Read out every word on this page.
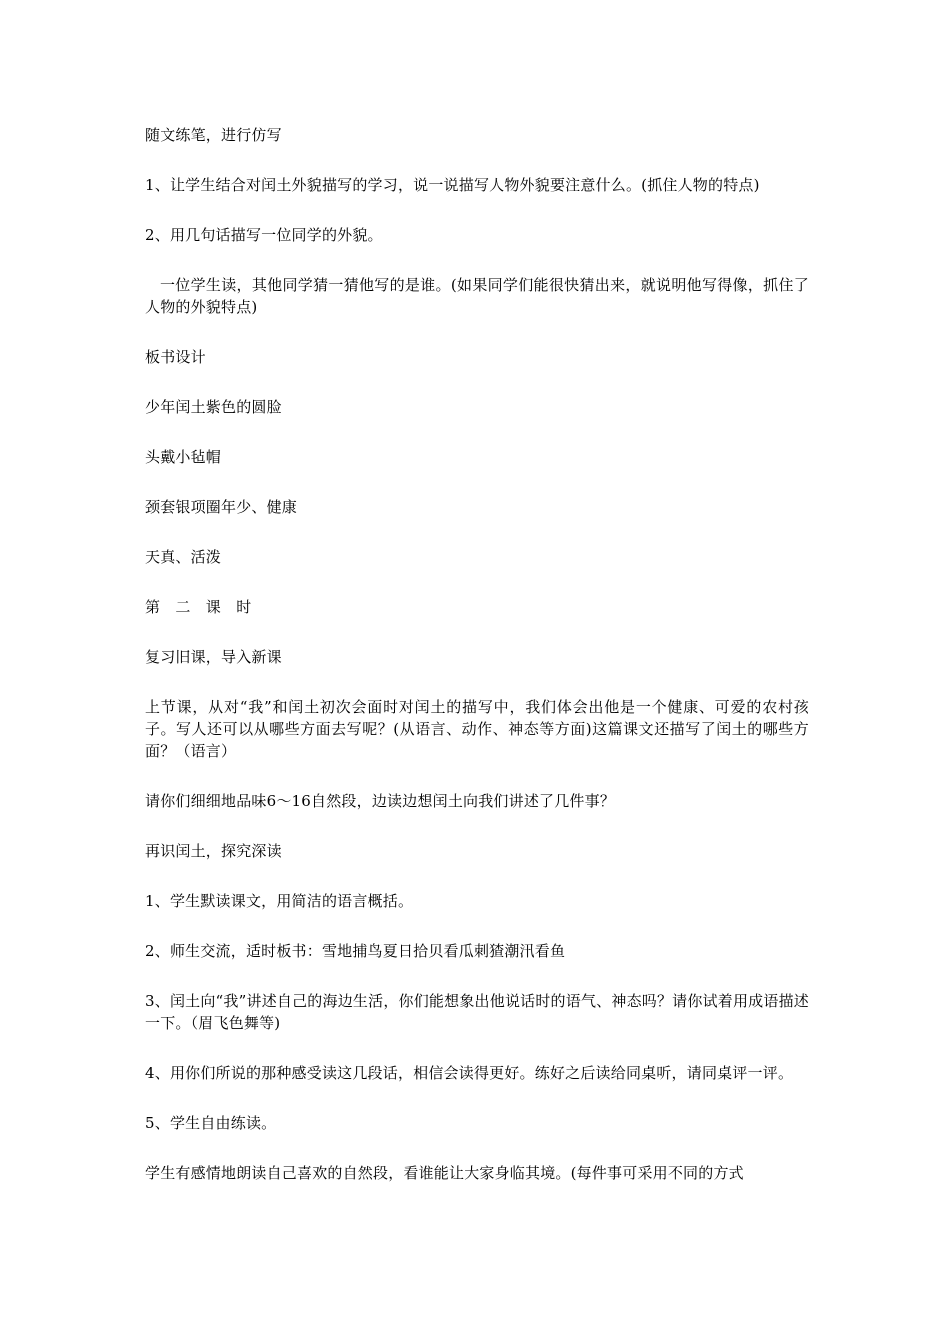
随文练笔，进行仿写

1、让学生结合对闰土外貌描写的学习，说一说描写人物外貌要注意什么。(抓住人物的特点)

2、用几句话描写一位同学的外貌。

一位学生读，其他同学猜一猜他写的是谁。(如果同学们能很快猜出来，就说明他写得像，抓住了人物的外貌特点)

板书设计

少年闰土紫色的圆脸

头戴小毡帽

颈套银项圈年少、健康

天真、活泼

第　二　课　时

复习旧课，导入新课

上节课，从对“我”和闰土初次会面时对闰土的描写中，我们体会出他是一个健康、可爱的农村孩子。写人还可以从哪些方面去写呢？(从语言、动作、神态等方面)这篇课文还描写了闰土的哪些方面？（语言）

请你们细细地品味6～16自然段，边读边想闰土向我们讲述了几件事？

再识闰土，探究深读

1、学生默读课文，用简洁的语言概括。

2、师生交流，适时板书：雪地捕鸟夏日拾贝看瓜刺猹潮汛看鱼

3、闰土向“我”讲述自己的海边生活，你们能想象出他说话时的语气、神态吗？请你试着用成语描述一下。（眉飞色舞等)

4、用你们所说的那种感受读这几段话，相信会读得更好。练好之后读给同桌听，请同桌评一评。

5、学生自由练读。

学生有感情地朗读自己喜欢的自然段，看谁能让大家身临其境。(每件事可采用不同的方式
